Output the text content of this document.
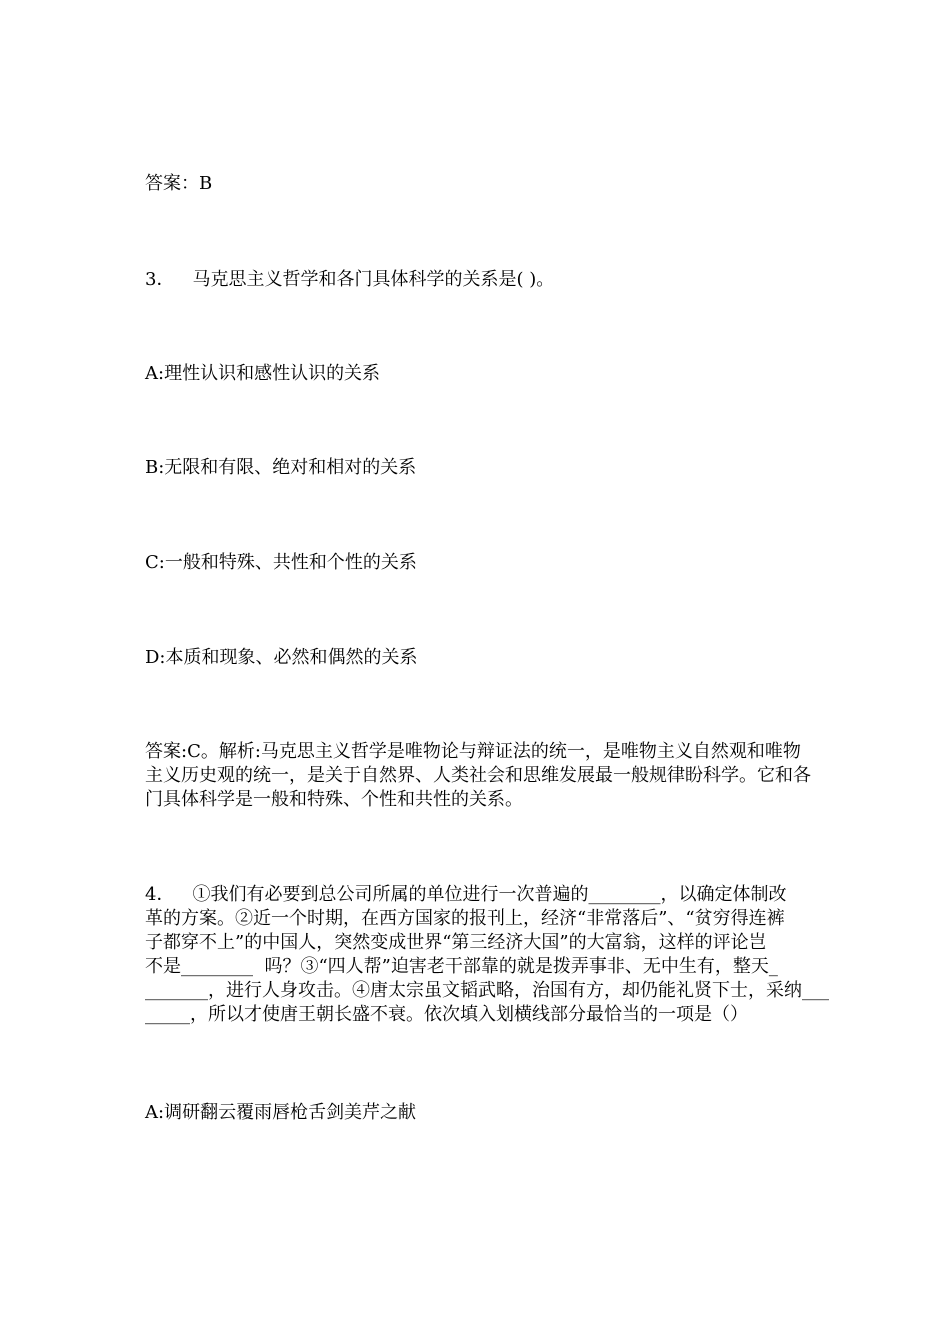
答案：B

3． 马克思主义哲学和各门具体科学的关系是( )。

A:理性认识和感性认识的关系

B:无限和有限、绝对和相对的关系

C:一般和特殊、共性和个性的关系

D:本质和现象、必然和偶然的关系

答案:C。解析:马克思主义哲学是唯物论与辩证法的统一，是唯物主义自然观和唯物
主义历史观的统一，是关于自然界、人类社会和思维发展最一般规律盼科学。它和各
门具体科学是一般和特殊、个性和共性的关系。
4． ①我们有必要到总公司所属的单位进行一次普遍的________，以确定体制改
革的方案。②近一个时期，在西方国家的报刊上，经济“非常落后”、“贫穷得连裤
子都穿不上”的中国人，突然变成世界“第三经济大国”的大富翁，这样的评论岂
不是________  吗？③“四人帮”迫害老干部靠的就是拨弄事非、无中生有，整天_
_______，进行人身攻击。④唐太宗虽文韬武略，治国有方，却仍能礼贤下士，采纳___
_____，所以才使唐王朝长盛不衰。依次填入划横线部分最恰当的一项是（）

A:调研翻云覆雨唇枪舌剑美芹之献
